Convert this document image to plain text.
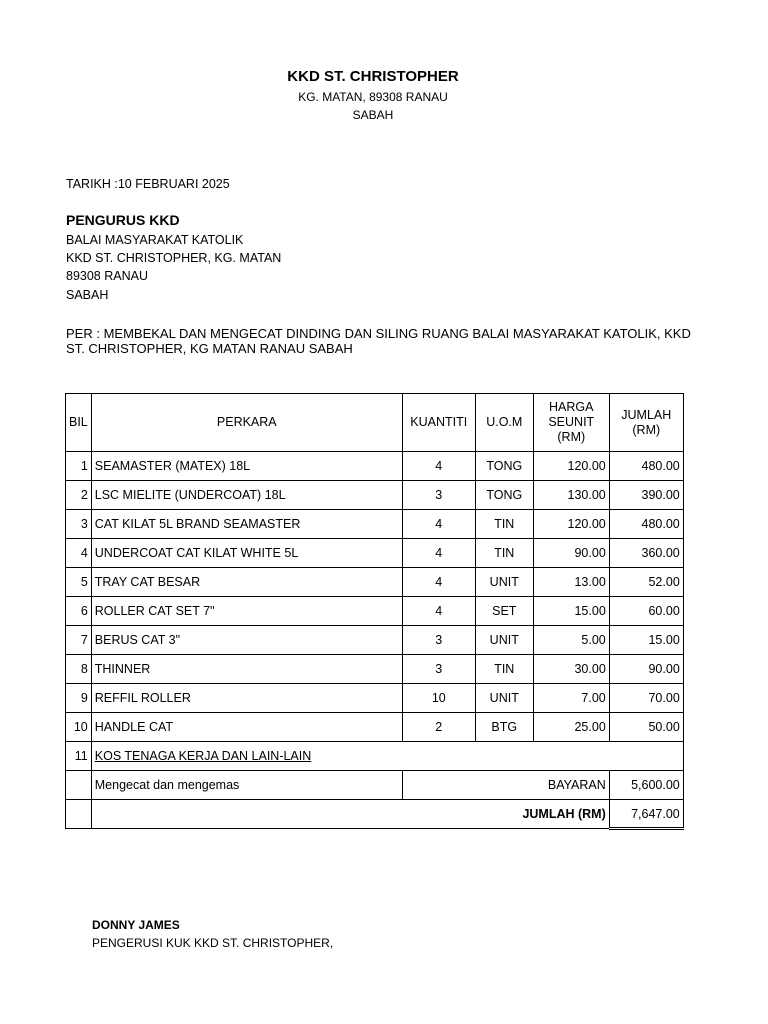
KKD ST. CHRISTOPHER
KG. MATAN, 89308 RANAU
SABAH
TARIKH :10 FEBRUARI 2025
PENGURUS KKD
BALAI MASYARAKAT KATOLIK
KKD ST. CHRISTOPHER, KG. MATAN
89308 RANAU
SABAH
PER : MEMBEKAL DAN MENGECAT DINDING DAN SILING RUANG BALAI MASYARAKAT KATOLIK, KKD ST. CHRISTOPHER, KG MATAN RANAU SABAH
BIL	PERKARA	KUANTITI	U.O.M	HARGA SEUNIT (RM)	JUMLAH (RM)
1	SEAMASTER (MATEX) 18L	4	TONG	120.00	480.00
2	LSC MIELITE (UNDERCOAT) 18L	3	TONG	130.00	390.00
3	CAT KILAT 5L BRAND SEAMASTER	4	TIN	120.00	480.00
4	UNDERCOAT CAT KILAT WHITE 5L	4	TIN	90.00	360.00
5	TRAY CAT BESAR	4	UNIT	13.00	52.00
6	ROLLER CAT SET 7"	4	SET	15.00	60.00
7	BERUS CAT 3"	3	UNIT	5.00	15.00
8	THINNER	3	TIN	30.00	90.00
9	REFFIL ROLLER	10	UNIT	7.00	70.00
10	HANDLE CAT	2	BTG	25.00	50.00
11	KOS TENAGA KERJA DAN LAIN-LAIN				
	Mengecat dan mengemas	BAYARAN			5,600.00
	JUMLAH (RM)				7,647.00
DONNY JAMES
PENGERUSI KUK KKD ST. CHRISTOPHER,
